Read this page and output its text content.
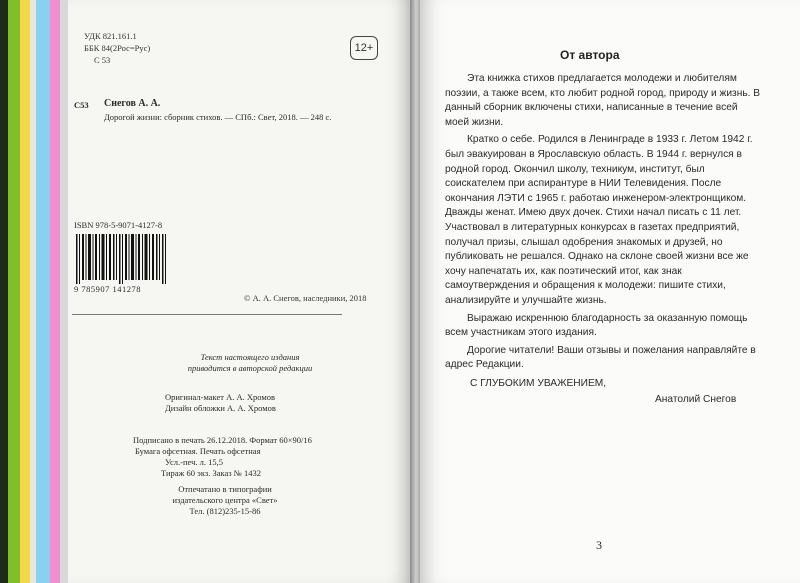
УДК 821.161.1
ББК 84(2Рос=Рус)
С 53
12+
С53 Снегов А. А.
Дорогой жизни: сборник стихов. — СПб.: Свет, 2018. — 248 с.
ISBN 978-5-9071-4127-8
9 785907 141278
© А. А. Снегов, наследники, 2018
Текст настоящего издания
приводится в авторской редакции
Оригинал-макет А. А. Хромов
Дизайн обложки А. А. Хромов
Подписано в печать 26.12.2018. Формат 60×90/16
Бумага офсетная. Печать офсетная
Усл.-печ. л. 15,5
Тираж 60 экз. Заказ № 1432
Отпечатано в типографии
издательского центра «Свет»
Тел. (812)235-15-86
От автора

Эта книжка стихов предлагается молодежи и любителям поэзии, а также всем, кто любит родной город, природу и жизнь. В данный сборник включены стихи, написанные в течение всей моей жизни.

Кратко о себе. Родился в Ленинграде в 1933 г. Летом 1942 г. был эвакуирован в Ярославскую область. В 1944 г. вернулся в родной город. Окончил школу, техникум, институт, был соискателем при аспирантуре в НИИ Телевидения. После окончания ЛЭТИ с 1965 г. работаю инженером-электронщиком. Дважды женат. Имею двух дочек. Стихи начал писать с 11 лет. Участвовал в литературных конкурсах в газетах предприятий, получал призы, слышал одобрения знакомых и друзей, но публиковать не решался. Однако на склоне своей жизни все же хочу напечатать их, как поэтический итог, как знак самоутверждения и обращения к молодежи: пишите стихи, анализируйте и улучшайте жизнь.

Выражаю искреннюю благодарность за оказанную помощь всем участникам этого издания.

Дорогие читатели! Ваши отзывы и пожелания направляйте в адрес Редакции.

С ГЛУБОКИМ УВАЖЕНИЕМ,
Анатолий Снегов
3
